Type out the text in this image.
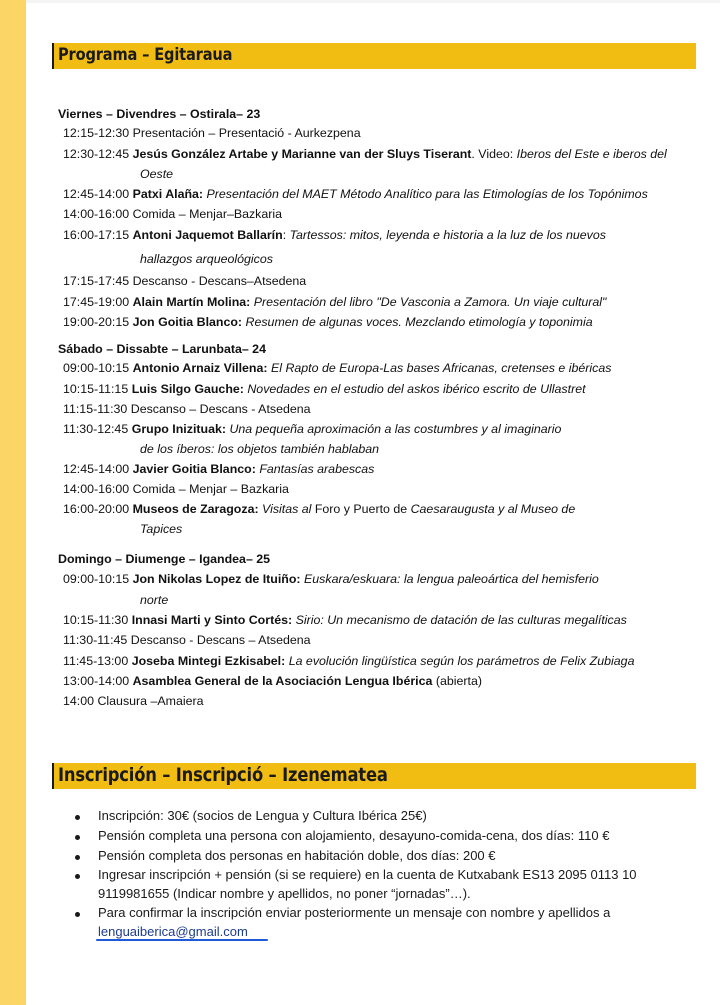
Programa – Egitaraua
Viernes – Divendres – Ostirala– 23
12:15-12:30 Presentación – Presentació - Aurkezpena
12:30-12:45 Jesús González Artabe y Marianne van der Sluys Tiserant. Video: Iberos del Este e iberos del
Oeste
12:45-14:00 Patxi Alaña: Presentación del MAET Método Analítico para las Etimologías de los Topónimos
14:00-16:00 Comida – Menjar–Bazkaria
16:00-17:15 Antoni Jaquemot Ballarín: Tartessos: mitos, leyenda e historia a la luz de los nuevos
hallazgos arqueológicos
17:15-17:45 Descanso - Descans–Atsedena
17:45-19:00 Alain Martín Molina: Presentación del libro "De Vasconia a Zamora. Un viaje cultural"
19:00-20:15 Jon Goitia Blanco: Resumen de algunas voces. Mezclando etimología y toponimia
Sábado – Dissabte – Larunbata– 24
09:00-10:15 Antonio Arnaiz Villena: El Rapto de Europa-Las bases Africanas, cretenses e ibéricas
10:15-11:15 Luis Silgo Gauche: Novedades en el estudio del askos ibérico escrito de Ullastret
11:15-11:30 Descanso – Descans - Atsedena
11:30-12:45 Grupo Inizituak: Una pequeña aproximación a las costumbres y al imaginario
de los íberos: los objetos también hablaban
12:45-14:00 Javier Goitia Blanco: Fantasías arabescas
14:00-16:00 Comida – Menjar – Bazkaria
16:00-20:00 Museos de Zaragoza: Visitas al Foro y Puerto de Caesaraugusta y al Museo de
Tapices
Domingo – Diumenge – Igandea– 25
09:00-10:15 Jon Nikolas Lopez de Ituiño: Euskara/eskuara: la lengua paleoártica del hemisferio
norte
10:15-11:30 Innasi Marti y Sinto Cortés: Sirio: Un mecanismo de datación de las culturas megalíticas
11:30-11:45 Descanso - Descans – Atsedena
11:45-13:00 Joseba Mintegi Ezkisabel: La evolución lingüística según los parámetros de Felix Zubiaga
13:00-14:00 Asamblea General de la Asociación Lengua Ibérica (abierta)
14:00 Clausura –Amaiera
Inscripción – Inscripció – Izenematea
Inscripción: 30€ (socios de Lengua y Cultura Ibérica 25€)
Pensión completa una persona con alojamiento, desayuno-comida-cena, dos días: 110 €
Pensión completa dos personas en habitación doble, dos días: 200 €
Ingresar inscripción + pensión (si se requiere) en la cuenta de Kutxabank ES13 2095 0113 10
9119981655 (Indicar nombre y apellidos, no poner “jornadas”…).
Para confirmar la inscripción enviar posteriormente un mensaje con nombre y apellidos a
lenguaiberica@gmail.com
